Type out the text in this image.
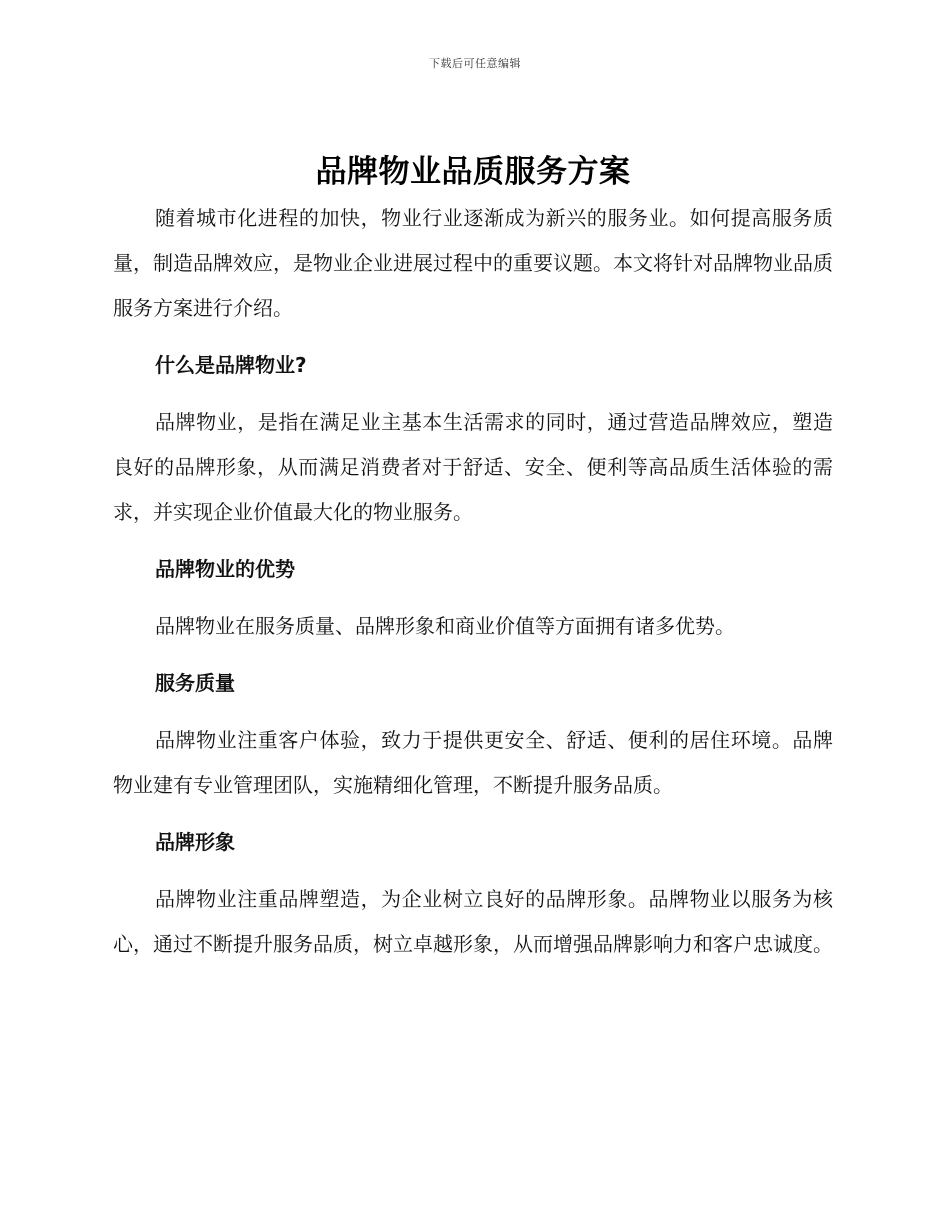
下载后可任意编辑
品牌物业品质服务方案

随着城市化进程的加快，物业行业逐渐成为新兴的服务业。如何提高服务质量，制造品牌效应，是物业企业进展过程中的重要议题。本文将针对品牌物业品质服务方案进行介绍。

什么是品牌物业?

品牌物业，是指在满足业主基本生活需求的同时，通过营造品牌效应，塑造良好的品牌形象，从而满足消费者对于舒适、安全、便利等高品质生活体验的需求，并实现企业价值最大化的物业服务。

品牌物业的优势

品牌物业在服务质量、品牌形象和商业价值等方面拥有诸多优势。

服务质量

品牌物业注重客户体验，致力于提供更安全、舒适、便利的居住环境。品牌物业建有专业管理团队，实施精细化管理，不断提升服务品质。

品牌形象

品牌物业注重品牌塑造，为企业树立良好的品牌形象。品牌物业以服务为核心，通过不断提升服务品质，树立卓越形象，从而增强品牌影响力和客户忠诚度。
